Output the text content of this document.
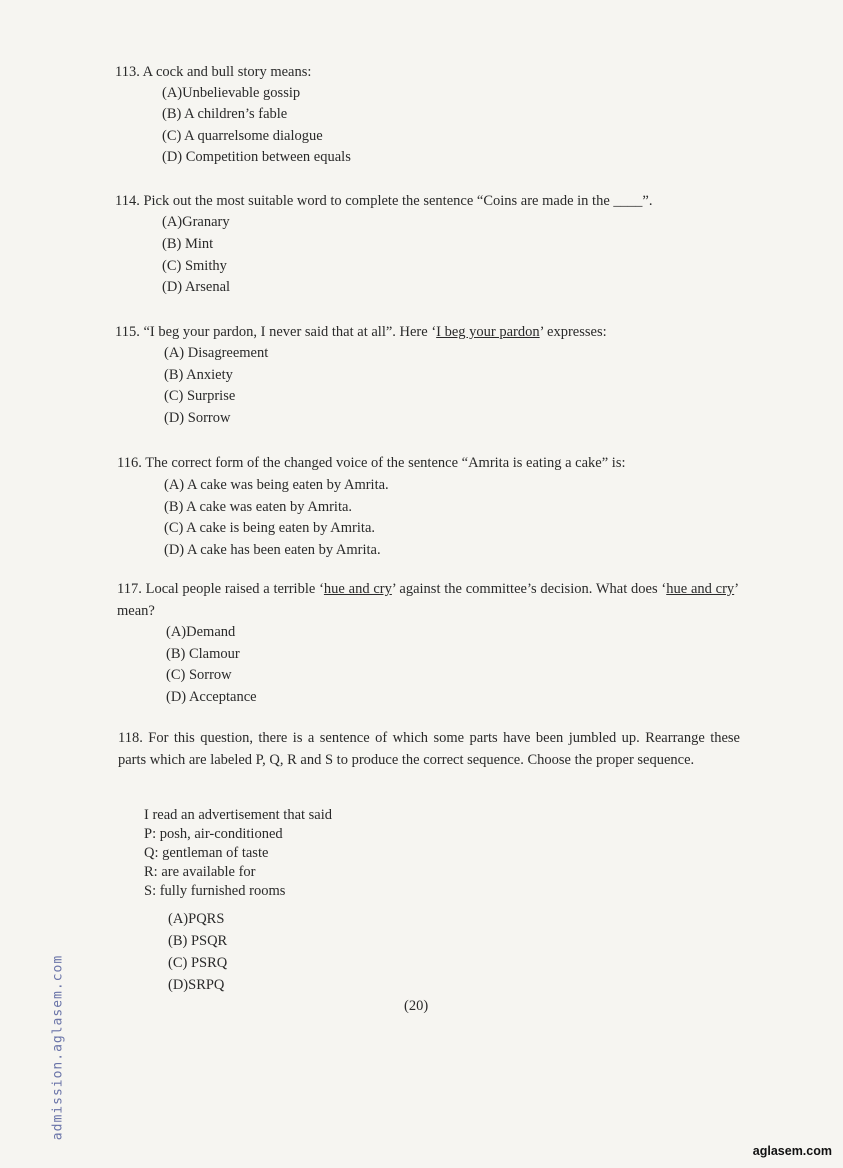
113. A cock and bull story means:
(A)Unbelievable gossip
(B) A children’s fable
(C) A quarrelsome dialogue
(D) Competition between equals
114. Pick out the most suitable word to complete the sentence “Coins are made in the ____”.
(A)Granary
(B) Mint
(C) Smithy
(D) Arsenal
115. “I beg your pardon, I never said that at all”. Here ‘I beg your pardon’ expresses:
(A) Disagreement
(B) Anxiety
(C) Surprise
(D) Sorrow
116. The correct form of the changed voice of the sentence “Amrita is eating a cake” is:
(A) A cake was being eaten by Amrita.
(B) A cake was eaten by Amrita.
(C) A cake is being eaten by Amrita.
(D) A cake has been eaten by Amrita.
117. Local people raised a terrible ‘hue and cry’ against the committee’s decision. What does ‘hue and cry’ mean?
(A)Demand
(B) Clamour
(C) Sorrow
(D) Acceptance
118. For this question, there is a sentence of which some parts have been jumbled up. Rearrange these parts which are labeled P, Q, R and S to produce the correct sequence. Choose the proper sequence.
I read an advertisement that said
P: posh, air-conditioned
Q: gentleman of taste
R: are available for
S: fully furnished rooms
(A)PQRS
(B) PSQR
(C) PSRQ
(D)SRPQ
(20)
admission.aglasem.com
aglasem.com
